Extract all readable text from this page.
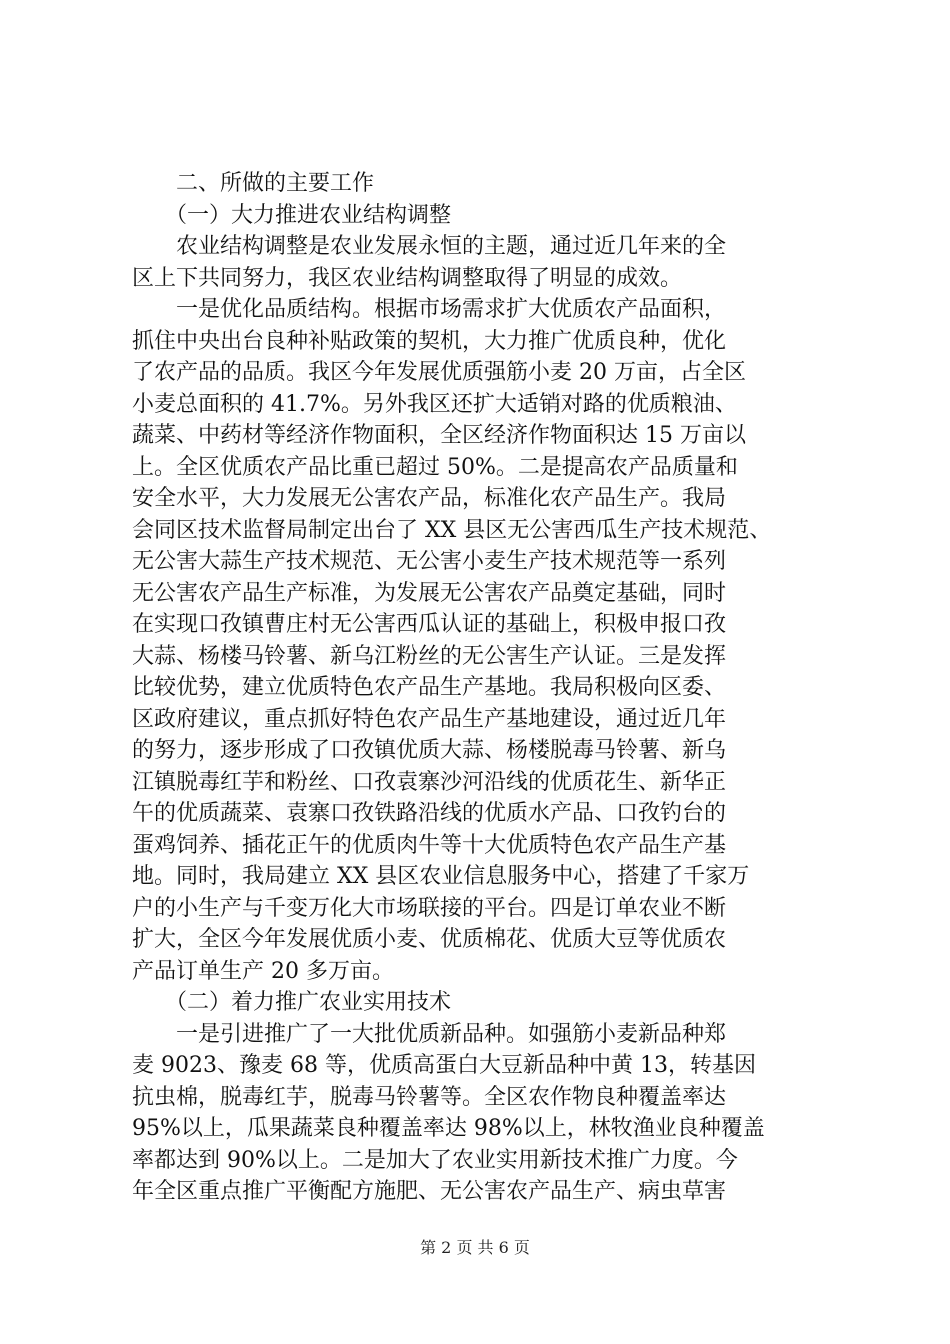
　　二、所做的主要工作
　　（一）大力推进农业结构调整
　　农业结构调整是农业发展永恒的主题，通过近几年来的全
区上下共同努力，我区农业结构调整取得了明显的成效。
　　一是优化品质结构。根据市场需求扩大优质农产品面积，
抓住中央出台良种补贴政策的契机，大力推广优质良种，优化
了农产品的品质。我区今年发展优质强筋小麦 20 万亩，占全区
小麦总面积的 41.7%。另外我区还扩大适销对路的优质粮油、
蔬菜、中药材等经济作物面积，全区经济作物面积达 15 万亩以
上。全区优质农产品比重已超过 50%。二是提高农产品质量和
安全水平，大力发展无公害农产品，标准化农产品生产。我局
会同区技术监督局制定出台了 XX 县区无公害西瓜生产技术规范、
无公害大蒜生产技术规范、无公害小麦生产技术规范等一系列
无公害农产品生产标准，为发展无公害农产品奠定基础，同时
在实现口孜镇曹庄村无公害西瓜认证的基础上，积极申报口孜
大蒜、杨楼马铃薯、新乌江粉丝的无公害生产认证。三是发挥
比较优势，建立优质特色农产品生产基地。我局积极向区委、
区政府建议，重点抓好特色农产品生产基地建设，通过近几年
的努力，逐步形成了口孜镇优质大蒜、杨楼脱毒马铃薯、新乌
江镇脱毒红芋和粉丝、口孜袁寨沙河沿线的优质花生、新华正
午的优质蔬菜、袁寨口孜铁路沿线的优质水产品、口孜钓台的
蛋鸡饲养、插花正午的优质肉牛等十大优质特色农产品生产基
地。同时，我局建立 XX 县区农业信息服务中心，搭建了千家万
户的小生产与千变万化大市场联接的平台。四是订单农业不断
扩大，全区今年发展优质小麦、优质棉花、优质大豆等优质农
产品订单生产 20 多万亩。
　　（二）着力推广农业实用技术
　　一是引进推广了一大批优质新品种。如强筋小麦新品种郑
麦 9023、豫麦 68 等，优质高蛋白大豆新品种中黄 13，转基因
抗虫棉，脱毒红芋，脱毒马铃薯等。全区农作物良种覆盖率达
95%以上，瓜果蔬菜良种覆盖率达 98%以上，林牧渔业良种覆盖
率都达到 90%以上。二是加大了农业实用新技术推广力度。今
年全区重点推广平衡配方施肥、无公害农产品生产、病虫草害
第 2 页 共 6 页
